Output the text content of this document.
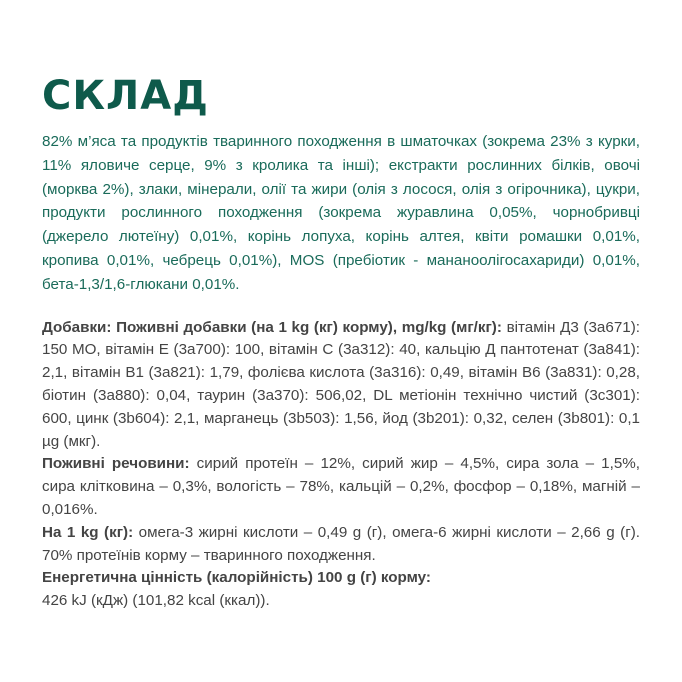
СКЛАД

82% м’яса та продуктів тваринного походження в шматочках (зокрема 23% з курки, 11% яловиче серце, 9% з кролика та інші); екстракти рослинних білків, овочі (морква 2%), злаки, мінерали, олії та жири (олія з лосося, олія з огірочника), цукри, продукти рослинного походження (зокрема журавлина 0,05%, чорнобривці (джерело лютеїну) 0,01%, корінь лопуха, корінь алтея, квіти ромашки 0,01%, кропива 0,01%, чебрець 0,01%), MOS (пребіотик - мананоолігосахариди) 0,01%, бета-1,3/1,6-глюкани 0,01%.

Добавки: Поживні добавки (на 1 kg (кг) корму), mg/kg (мг/кг): вітамін Д3 (3а671): 150 МО, вітамін Е (3а700): 100, вітамін С (3а312): 40, кальцію Д пантотенат (3а841): 2,1, вітамін В1 (3а821): 1,79, фолієва кислота (3а316): 0,49, вітамін В6 (3а831): 0,28, біотин (3а880): 0,04, таурин (3а370): 506,02, DL метіонін технічно чистий (3с301): 600, цинк (3b604): 2,1, марганець (3b503): 1,56, йод (3b201): 0,32, селен (3b801): 0,1 µg (мкг).

Поживні речовини: сирий протеїн – 12%, сирий жир – 4,5%, сира зола – 1,5%, сира клітковина – 0,3%, вологість – 78%, кальцій – 0,2%, фосфор – 0,18%, магній – 0,016%.

На 1 kg (кг): омега-3 жирні кислоти – 0,49 g (г), омега-6 жирні кислоти – 2,66 g (г). 70% протеїнів корму – тваринного походження.

Енергетична цінність (калорійність) 100 g (г) корму:
426 kJ (кДж) (101,82 kcal (ккал)).
